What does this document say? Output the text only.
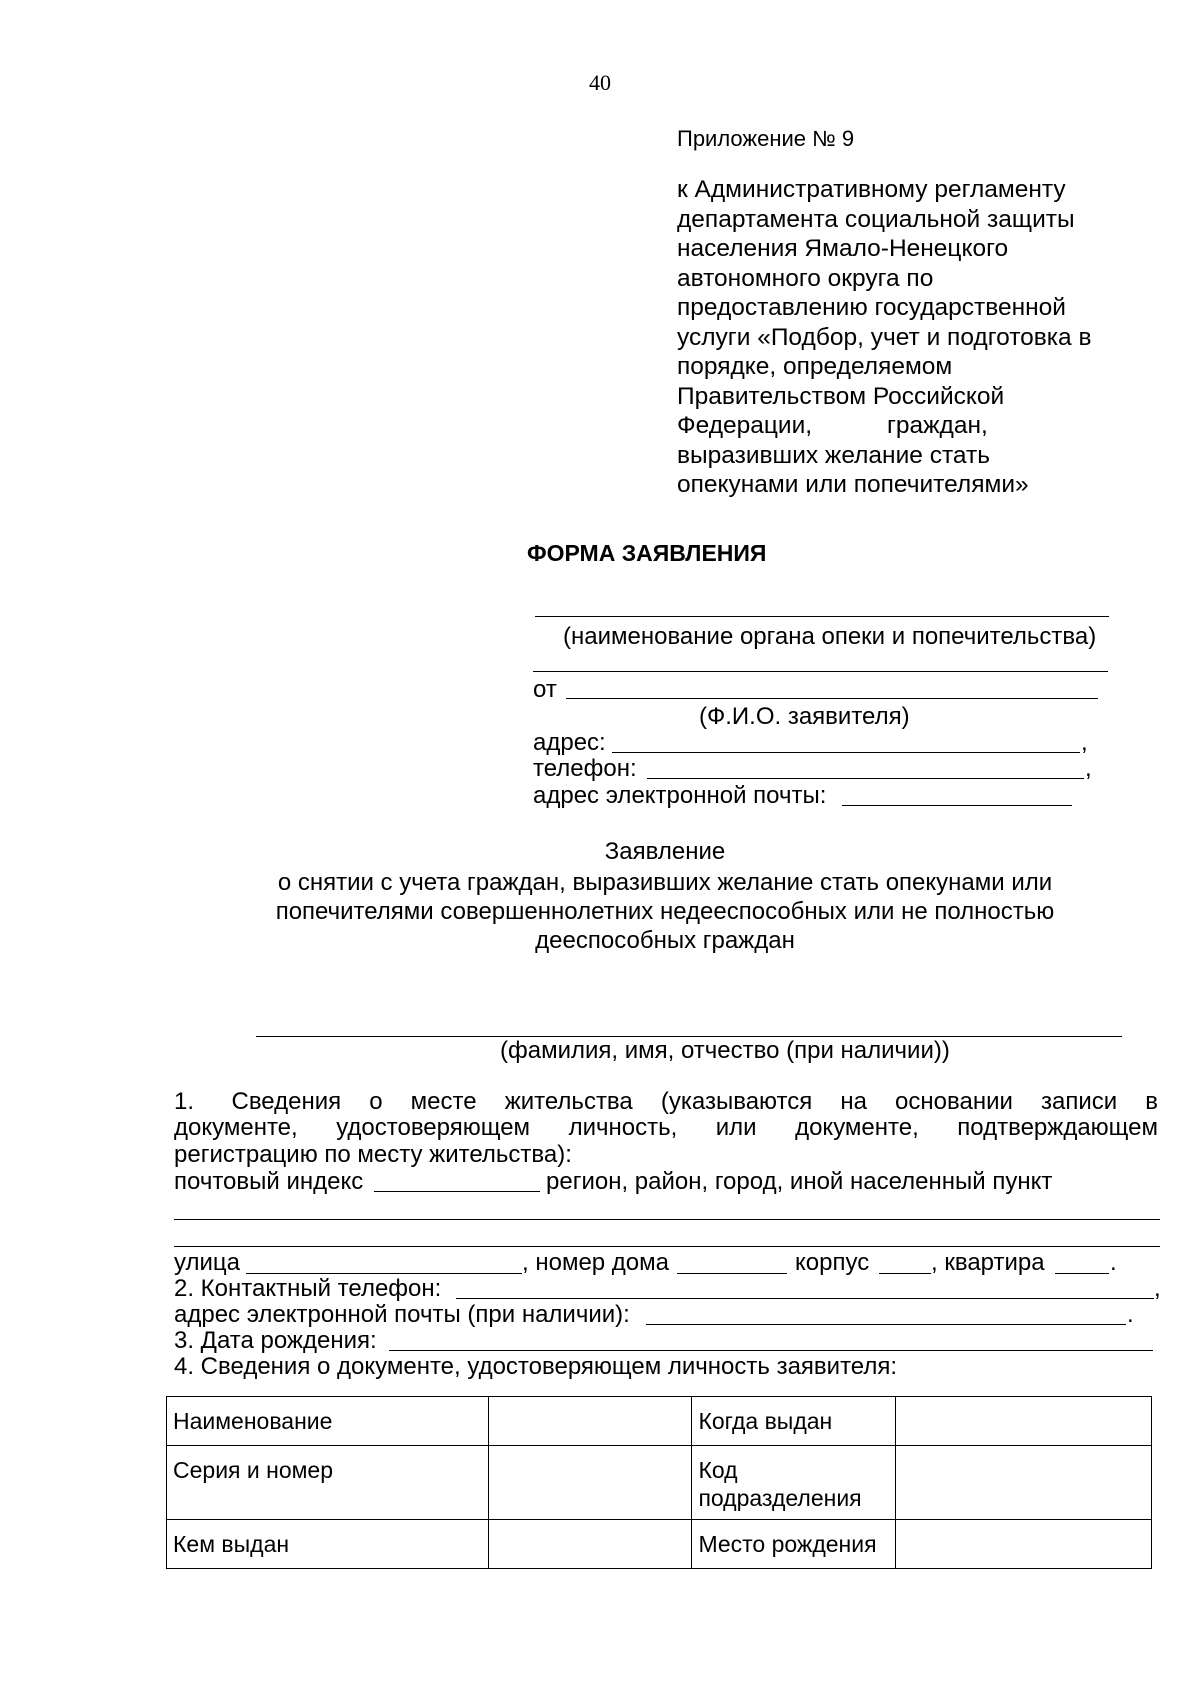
40
Приложение № 9
к Административному регламенту
департамента социальной защиты
населения Ямало-Ненецкого
автономного округа по
предоставлению государственной
услуги «Подбор, учет и подготовка в
порядке, определяемом
Правительством Российской
Федерации,           граждан,
выразивших желание стать
опекунами или попечителями»
ФОРМА ЗАЯВЛЕНИЯ
(наименование органа опеки и попечительства)
от
(Ф.И.О. заявителя)
адрес:	,
телефон:	,
адрес электронной почты:
Заявление
о снятии с учета граждан, выразивших желание стать опекунами или
попечителями совершеннолетних недееспособных или не полностью
дееспособных граждан
(фамилия, имя, отчество (при наличии))
1.    Сведения   о   месте   жительства   (указываются   на   основании   записи   в
документе,   удостоверяющем   личность,   или   документе,   подтверждающем
регистрацию по месту жительства):
почтовый индекс	регион, район, город, иной населенный пункт
улица	, номер дома	корпус	, квартира	.
2. Контактный телефон:	,
адрес электронной почты (при наличии):	.
3. Дата рождения:
4. Сведения о документе, удостоверяющем личность заявителя:
Наименование		Когда выдан	
Серия и номер		Код подразделения	
Кем выдан		Место рождения	
